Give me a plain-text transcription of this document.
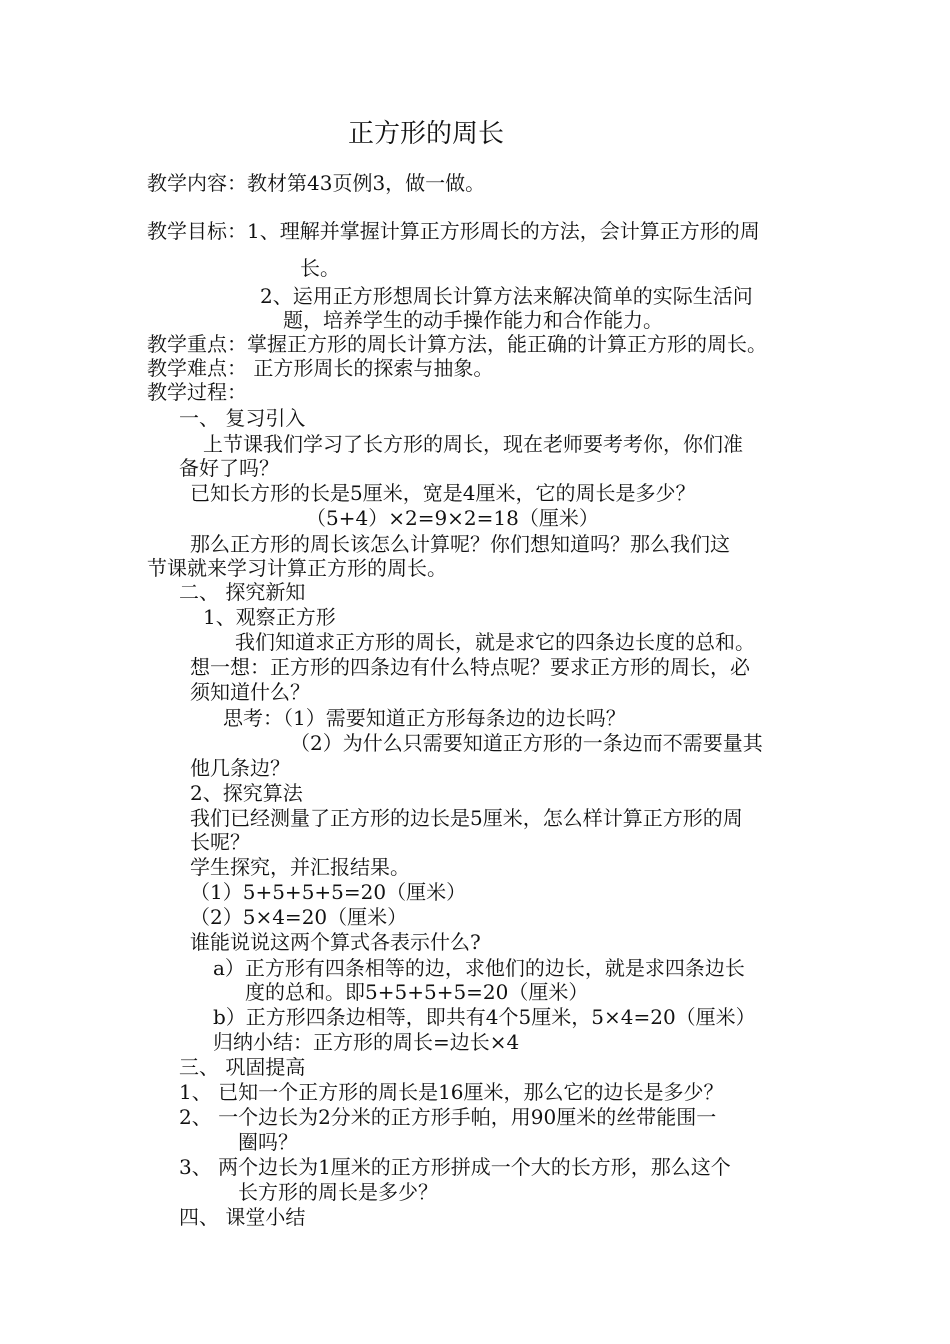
正方形的周长
教学内容：教材第43页例3，做一做。
教学目标：1、理解并掌握计算正方形周长的方法，会计算正方形的周
长。
2、运用正方形想周长计算方法来解决简单的实际生活问
题，培养学生的动手操作能力和合作能力。
教学重点：掌握正方形的周长计算方法，能正确的计算正方形的周长。
教学难点： 正方形周长的探索与抽象。
教学过程：
一、 复习引入
上节课我们学习了长方形的周长，现在老师要考考你，你们准
备好了吗？
已知长方形的长是5厘米，宽是4厘米，它的周长是多少？
（5+4）×2=9×2=18（厘米）
那么正方形的周长该怎么计算呢？你们想知道吗？那么我们这
节课就来学习计算正方形的周长。
二、 探究新知
1、观察正方形
我们知道求正方形的周长，就是求它的四条边长度的总和。
想一想：正方形的四条边有什么特点呢？要求正方形的周长，必
须知道什么？
思考：（1）需要知道正方形每条边的边长吗？
（2）为什么只需要知道正方形的一条边而不需要量其
他几条边？
2、探究算法
我们已经测量了正方形的边长是5厘米，怎么样计算正方形的周
长呢？
学生探究，并汇报结果。
（1）5+5+5+5=20（厘米）
（2）5×4=20（厘米）
谁能说说这两个算式各表示什么?
a）正方形有四条相等的边，求他们的边长，就是求四条边长
度的总和。即5+5+5+5=20（厘米）
b）正方形四条边相等，即共有4个5厘米，5×4=20（厘米）
归纳小结：正方形的周长=边长×4
三、 巩固提高
1、 已知一个正方形的周长是16厘米，那么它的边长是多少？
2、 一个边长为2分米的正方形手帕，用90厘米的丝带能围一
圈吗？
3、 两个边长为1厘米的正方形拼成一个大的长方形，那么这个
长方形的周长是多少？
四、 课堂小结
